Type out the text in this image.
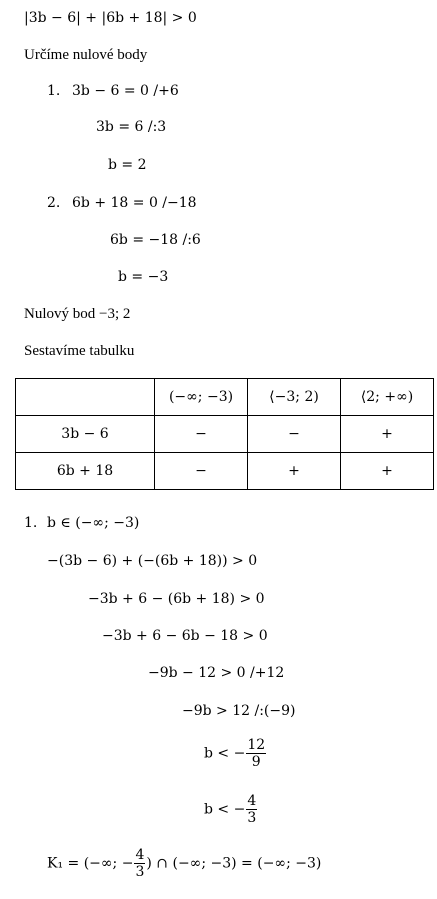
|3b − 6| + |6b + 18| > 0
Určíme nulové body
1. 3b − 6 = 0 /+6
3b = 6 /:3
b = 2
2. 6b + 18 = 0 /−18
6b = −18 /:6
b = −3
Nulový bod −3; 2
Sestavíme tabulku
	(−∞; −3)	⟨−3; 2)	⟨2; +∞)
3b − 6	−	−	+
6b + 18	−	+	+
1. b ∈ (−∞; −3)
−(3b − 6) + (−(6b + 18)) > 0
−3b + 6 − (6b + 18) > 0
−3b + 6 − 6b − 18 > 0
−9b − 12 > 0 /+12
−9b > 12 /:(−9)
b < − $\frac{12}{9}$
b < − $\frac{4}{3}$
K₁ = (−∞; − $\frac{4}{3}$ ) ∩ (−∞; −3) = (−∞; −3)
